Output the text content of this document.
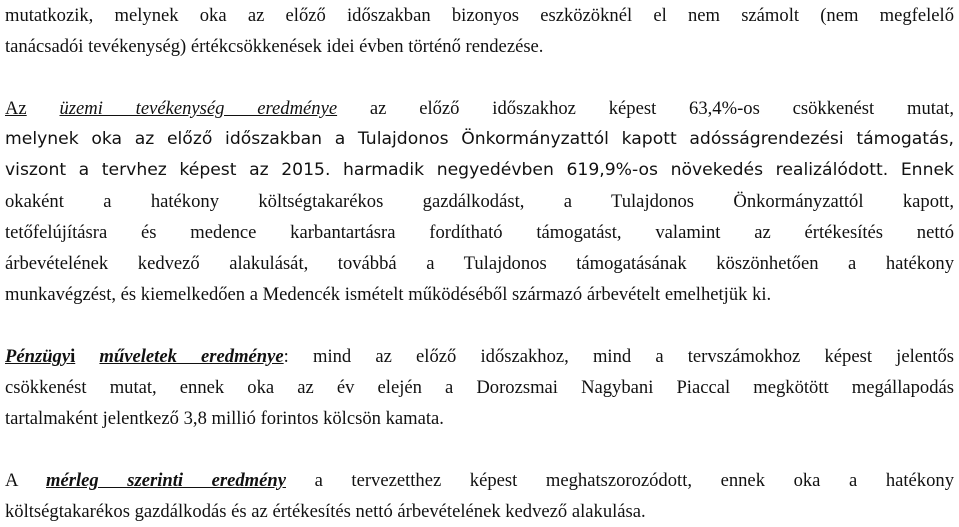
mutatkozik, melynek oka az előző időszakban bizonyos eszközöknél el nem számolt (nem megfelelő
tanácsadói tevékenység) értékcsökkenések idei évben történő rendezése.
Az üzemi tevékenység eredménye az előző időszakhoz képest 63,4%-os csökkenést mutat,
melynek oka az előző időszakban a Tulajdonos Önkormányzattól kapott adósságrendezési támogatás,
viszont a tervhez képest az 2015. harmadik negyedévben 619,9%-os növekedés realizálódott. Ennek
okaként a hatékony költségtakarékos gazdálkodást, a Tulajdonos Önkormányzattól kapott,
tetőfelújításra és medence karbantartásra fordítható támogatást, valamint az értékesítés nettó
árbevételének kedvező alakulását, továbbá a Tulajdonos támogatásának köszönhetően a hatékony
munkavégzést, és kiemelkedően a Medencék ismételt működéséből származó árbevételt emelhetjük ki.
Pénzügyi műveletek eredménye: mind az előző időszakhoz, mind a tervszámokhoz képest jelentős
csökkenést mutat, ennek oka az év elején a Dorozsmai Nagybani Piaccal megkötött megállapodás
tartalmaként jelentkező 3,8 millió forintos kölcsön kamata.
A mérleg szerinti eredmény a tervezetthez képest meghatszorozódott, ennek oka a hatékony
költségtakarékos gazdálkodás és az értékesítés nettó árbevételének kedvező alakulása.
